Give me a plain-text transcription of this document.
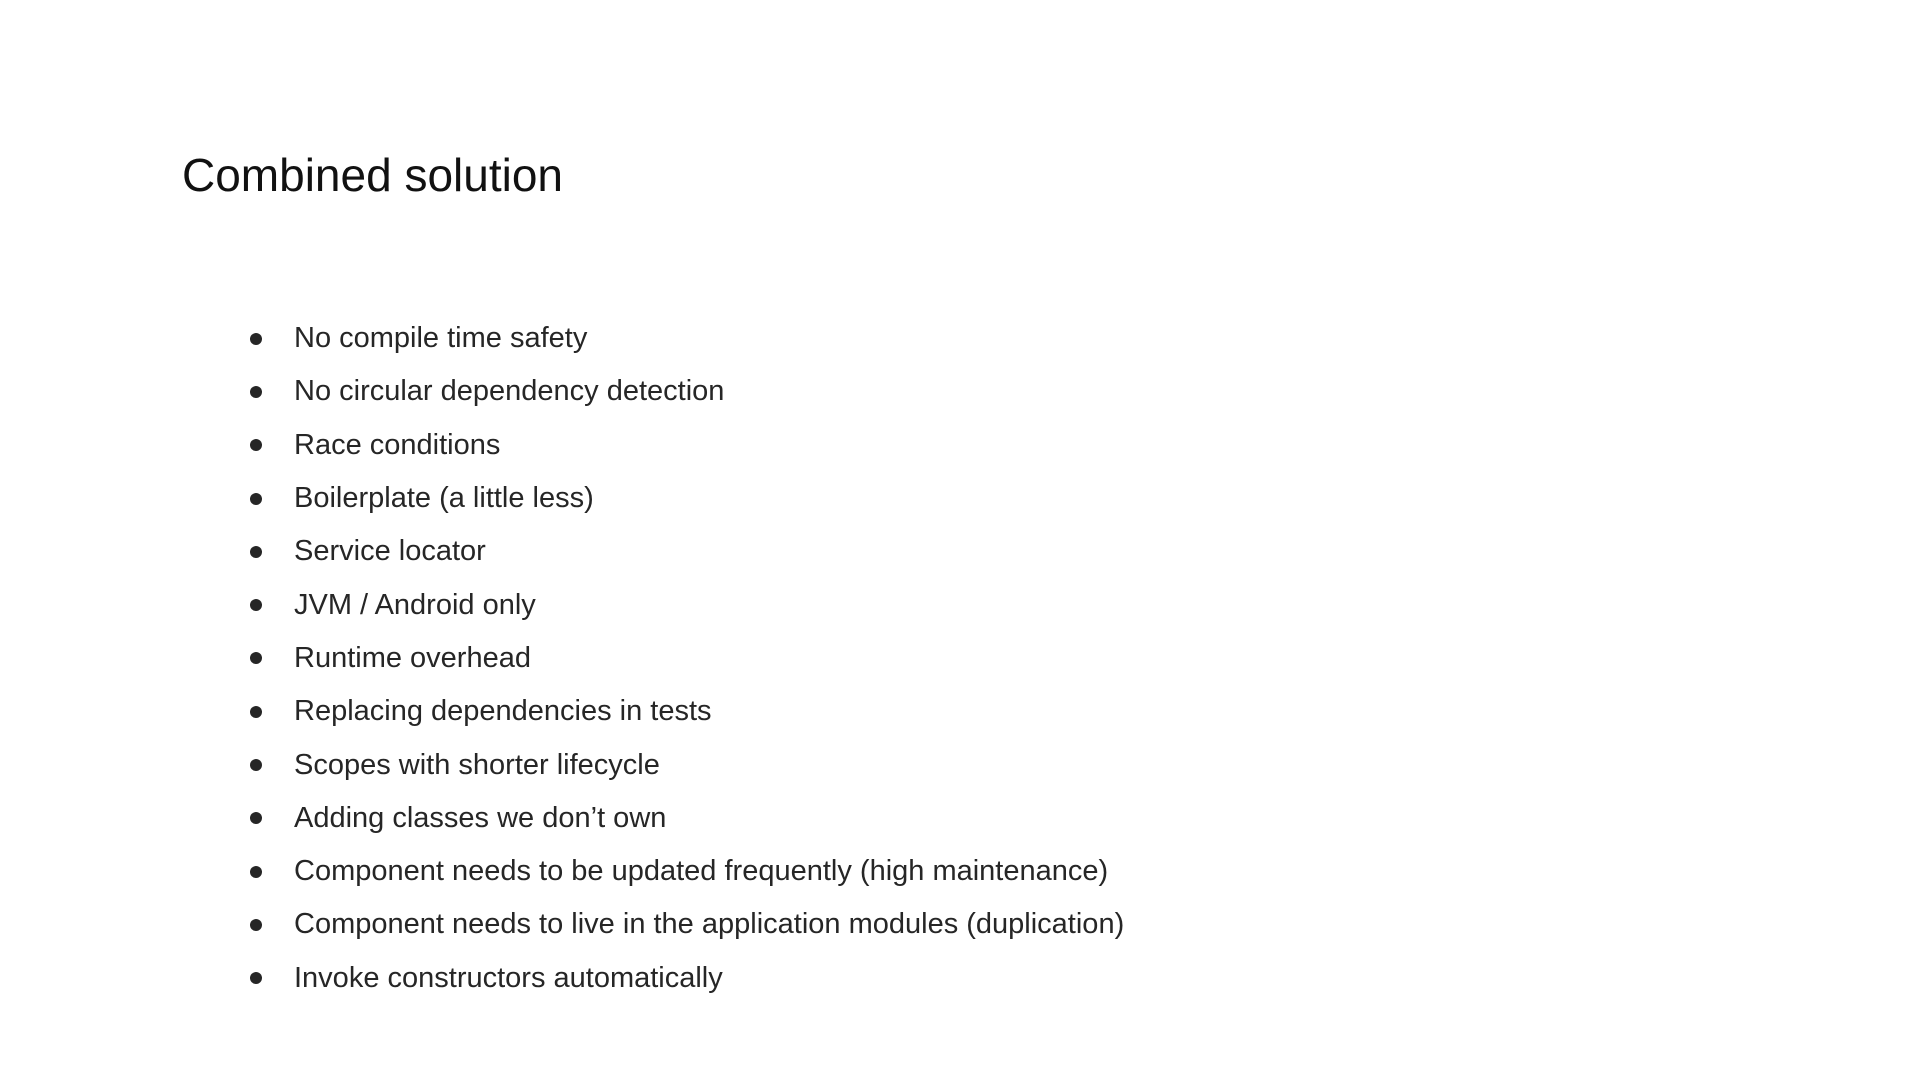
Combined solution
No compile time safety
No circular dependency detection
Race conditions
Boilerplate (a little less)
Service locator
JVM / Android only
Runtime overhead
Replacing dependencies in tests
Scopes with shorter lifecycle
Adding classes we don’t own
Component needs to be updated frequently (high maintenance)
Component needs to live in the application modules (duplication)
Invoke constructors automatically
